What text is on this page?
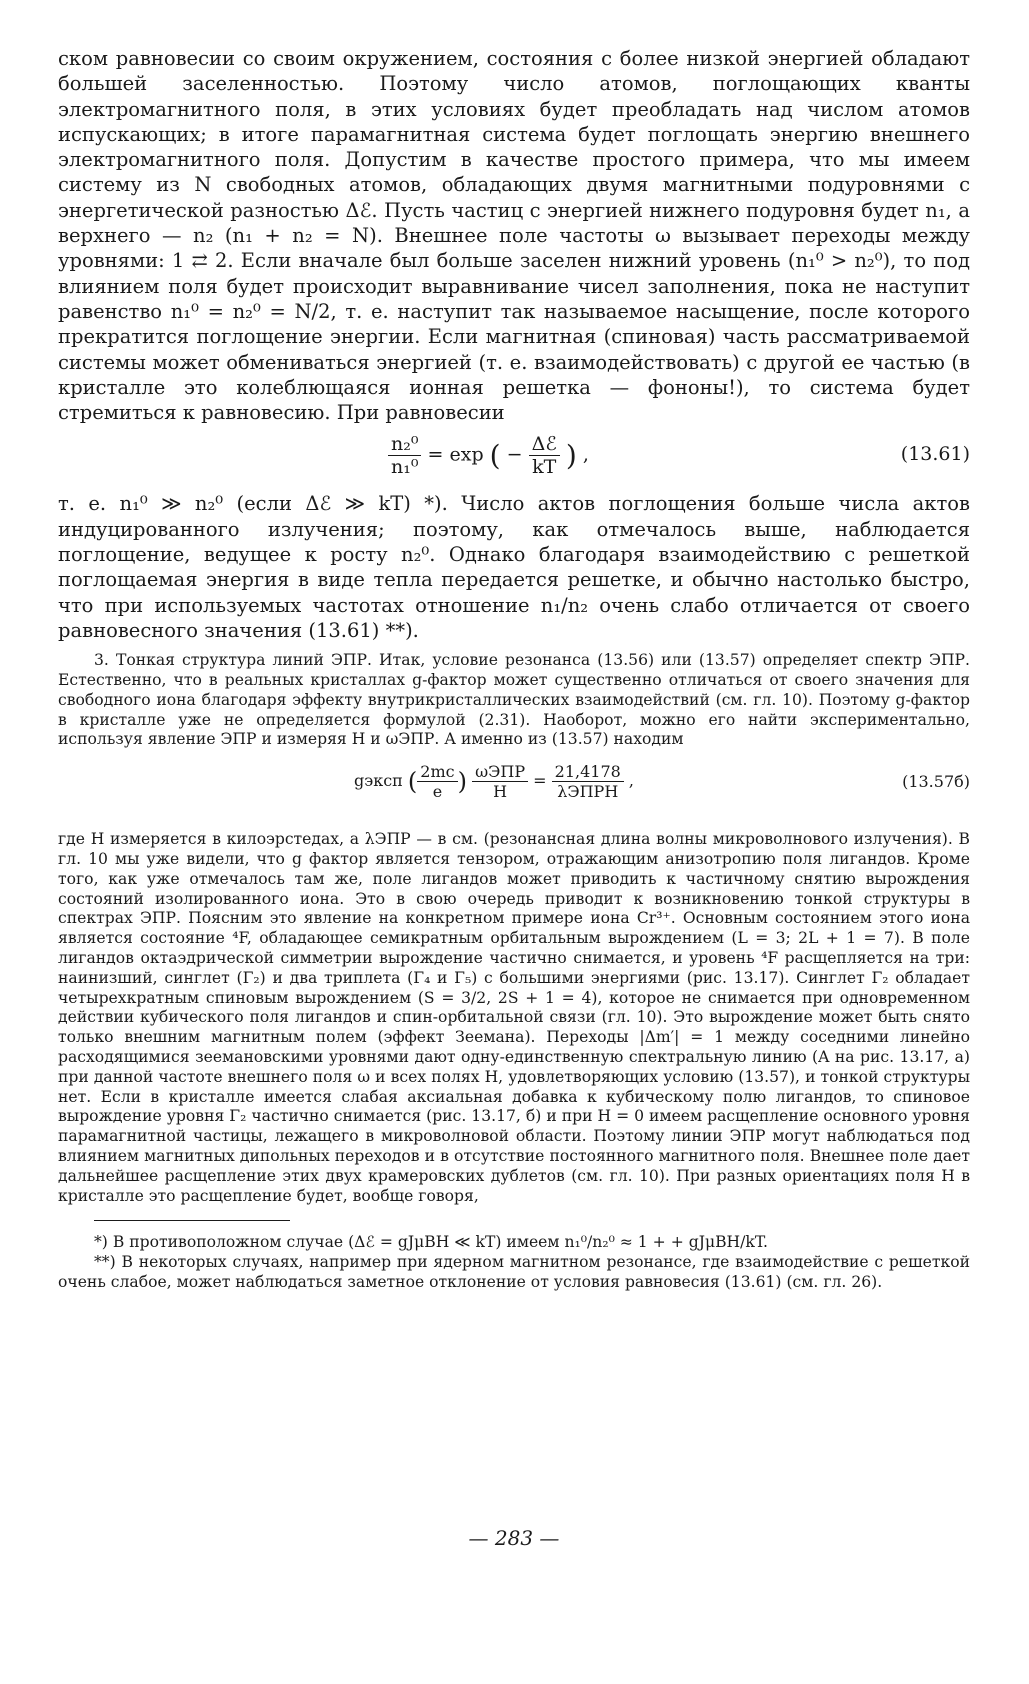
ском равновесии со своим окружением, состояния с более низкой энергией обладают большей заселенностью. Поэтому число атомов, поглощающих кванты электромагнитного поля, в этих условиях будет преобладать над числом атомов испускающих; в итоге парамагнитная система будет поглощать энергию внешнего электромагнитного поля. Допустим в качестве простого примера, что мы имеем систему из N свободных атомов, обладающих двумя магнитными подуровнями с энергетической разностью Δℰ. Пусть частиц с энергией нижнего подуровня будет n₁, а верхнего — n₂ (n₁ + n₂ = N). Внешнее поле частоты ω вызывает переходы между уровнями: 1 ⇄ 2. Если вначале был больше заселен нижний уровень (n₁⁰ > n₂⁰), то под влиянием поля будет происходит выравнивание чисел заполнения, пока не наступит равенство n₁⁰ = n₂⁰ = N/2, т. е. наступит так называемое насыщение, после которого прекратится поглощение энергии. Если магнитная (спиновая) часть рассматриваемой системы может обмениваться энергией (т. е. взаимодействовать) с другой ее частью (в кристалле это колеблющаяся ионная решетка — фононы!), то система будет стремиться к равновесию. При равновесии

$\frac{\text{n₂⁰}}{\text{n₁⁰}} = \exp$ ( − $\frac{\text{Δℰ}}{kT}$ ) ,	(13.61)

т. е. n₁⁰ ≫ n₂⁰ (если Δℰ ≫ kT) *). Число актов поглощения больше числа актов индуцированного излучения; поэтому, как отмечалось выше, наблюдается поглощение, ведущее к росту n₂⁰. Однако благодаря взаимодействию с решеткой поглощаемая энергия в виде тепла передается решетке, и обычно настолько быстро, что при используемых частотах отношение n₁/n₂ очень слабо отличается от своего равновесного значения (13.61) **).

3. Тонкая структура линий ЭПР. Итак, условие резонанса (13.56) или (13.57) определяет спектр ЭПР. Естественно, что в реальных кристаллах g-фактор может существенно отличаться от своего значения для свободного иона благодаря эффекту внутрикристаллических взаимодействий (см. гл. 10). Поэтому g-фактор в кристалле уже не определяется формулой (2.31). Наоборот, можно его найти экспериментально, используя явление ЭПР и измеряя H и ωЭПР. А именно из (13.57) находим

gэксп ( $\frac{2mc}{e}$ ) $\frac{\text{ωЭПР}}{H} = \frac{21,4178}{\text{λЭПРH}}$ ,	(13.57б)

где H измеряется в килоэрстедах, а λЭПР — в см. (резонансная длина волны микроволнового излучения). В гл. 10 мы уже видели, что g фактор является тензором, отражающим анизотропию поля лигандов. Кроме того, как уже отмечалось там же, поле лигандов может приводить к частичному снятию вырождения состояний изолированного иона. Это в свою очередь приводит к возникновению тонкой структуры в спектрах ЭПР. Поясним это явление на конкретном примере иона Cr³⁺. Основным состоянием этого иона является состояние ⁴F, обладающее семикратным орбитальным вырождением (L = 3; 2L + 1 = 7). В поле лигандов октаэдрической симметрии вырождение частично снимается, и уровень ⁴F расщепляется на три: наинизший, синглет (Γ₂) и два триплета (Γ₄ и Γ₅) с большими энергиями (рис. 13.17). Синглет Γ₂ обладает четырехкратным спиновым вырождением (S = 3/2, 2S + 1 = 4), которое не снимается при одновременном действии кубического поля лигандов и спин-орбитальной связи (гл. 10). Это вырождение может быть снято только внешним магнитным полем (эффект Зеемана). Переходы |Δm′| = 1 между соседними линейно расходящимися зеемановскими уровнями дают одну-единственную спектральную линию (A на рис. 13.17, а) при данной частоте внешнего поля ω и всех полях H, удовлетворяющих условию (13.57), и тонкой структуры нет. Если в кристалле имеется слабая аксиальная добавка к кубическому полю лигандов, то спиновое вырождение уровня Γ₂ частично снимается (рис. 13.17, б) и при H = 0 имеем расщепление основного уровня парамагнитной частицы, лежащего в микроволновой области. Поэтому линии ЭПР могут наблюдаться под влиянием магнитных дипольных переходов и в отсутствие постоянного магнитного поля. Внешнее поле дает дальнейшее расщепление этих двух крамеровских дублетов (см. гл. 10). При разных ориентациях поля H в кристалле это расщепление будет, вообще говоря,

*) В противоположном случае (Δℰ = gJμBH ≪ kT) имеем n₁⁰/n₂⁰ ≈ 1 + + gJμBH/kT.

**) В некоторых случаях, например при ядерном магнитном резонансе, где взаимодействие с решеткой очень слабое, может наблюдаться заметное отклонение от условия равновесия (13.61) (см. гл. 26).

— 283 —
